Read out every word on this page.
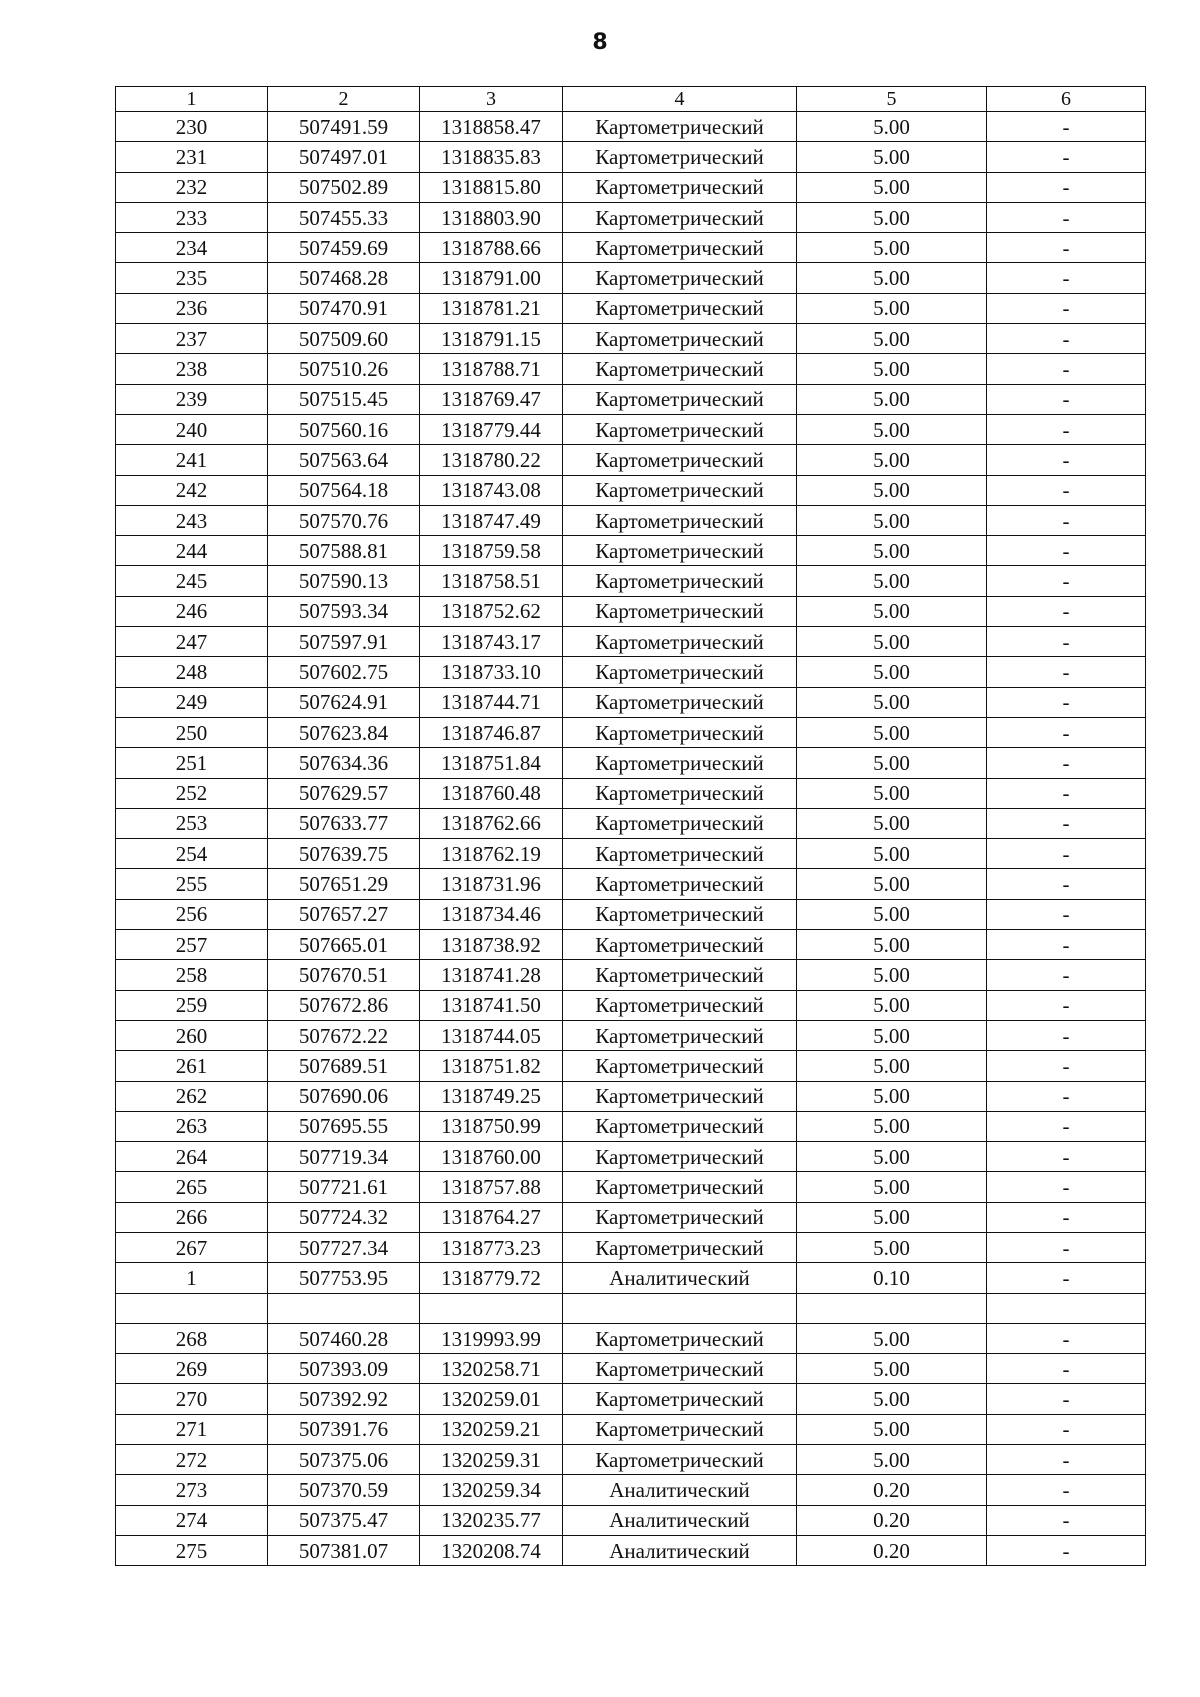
8
1	2	3	4	5	6
230	507491.59	1318858.47	Картометрический	5.00	-
231	507497.01	1318835.83	Картометрический	5.00	-
232	507502.89	1318815.80	Картометрический	5.00	-
233	507455.33	1318803.90	Картометрический	5.00	-
234	507459.69	1318788.66	Картометрический	5.00	-
235	507468.28	1318791.00	Картометрический	5.00	-
236	507470.91	1318781.21	Картометрический	5.00	-
237	507509.60	1318791.15	Картометрический	5.00	-
238	507510.26	1318788.71	Картометрический	5.00	-
239	507515.45	1318769.47	Картометрический	5.00	-
240	507560.16	1318779.44	Картометрический	5.00	-
241	507563.64	1318780.22	Картометрический	5.00	-
242	507564.18	1318743.08	Картометрический	5.00	-
243	507570.76	1318747.49	Картометрический	5.00	-
244	507588.81	1318759.58	Картометрический	5.00	-
245	507590.13	1318758.51	Картометрический	5.00	-
246	507593.34	1318752.62	Картометрический	5.00	-
247	507597.91	1318743.17	Картометрический	5.00	-
248	507602.75	1318733.10	Картометрический	5.00	-
249	507624.91	1318744.71	Картометрический	5.00	-
250	507623.84	1318746.87	Картометрический	5.00	-
251	507634.36	1318751.84	Картометрический	5.00	-
252	507629.57	1318760.48	Картометрический	5.00	-
253	507633.77	1318762.66	Картометрический	5.00	-
254	507639.75	1318762.19	Картометрический	5.00	-
255	507651.29	1318731.96	Картометрический	5.00	-
256	507657.27	1318734.46	Картометрический	5.00	-
257	507665.01	1318738.92	Картометрический	5.00	-
258	507670.51	1318741.28	Картометрический	5.00	-
259	507672.86	1318741.50	Картометрический	5.00	-
260	507672.22	1318744.05	Картометрический	5.00	-
261	507689.51	1318751.82	Картометрический	5.00	-
262	507690.06	1318749.25	Картометрический	5.00	-
263	507695.55	1318750.99	Картометрический	5.00	-
264	507719.34	1318760.00	Картометрический	5.00	-
265	507721.61	1318757.88	Картометрический	5.00	-
266	507724.32	1318764.27	Картометрический	5.00	-
267	507727.34	1318773.23	Картометрический	5.00	-
1	507753.95	1318779.72	Аналитический	0.10	-

268	507460.28	1319993.99	Картометрический	5.00	-
269	507393.09	1320258.71	Картометрический	5.00	-
270	507392.92	1320259.01	Картометрический	5.00	-
271	507391.76	1320259.21	Картометрический	5.00	-
272	507375.06	1320259.31	Картометрический	5.00	-
273	507370.59	1320259.34	Аналитический	0.20	-
274	507375.47	1320235.77	Аналитический	0.20	-
275	507381.07	1320208.74	Аналитический	0.20	-
